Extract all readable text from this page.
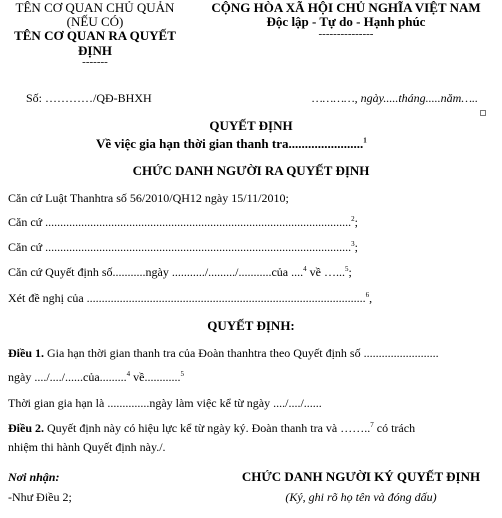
TÊN CƠ QUAN CHỦ QUẢN
(NẾU CÓ)
TÊN CƠ QUAN RA QUYẾT
ĐỊNH
-------
CỘNG HÒA XÃ HỘI CHỦ NGHĨA VIỆT NAM
Độc lập - Tự do - Hạnh phúc
---------------
Số: …………/QĐ-BHXH	…………, ngày.....tháng.....năm…..
QUYẾT ĐỊNH
Về việc gia hạn thời gian thanh tra.......................$^1$
CHỨC DANH NGƯỜI RA QUYẾT ĐỊNH
Căn cứ Luật Thanhtra số 56/2010/QH12 ngày 15/11/2010;
Căn cứ ......................................................................................................$^2$;
Căn cứ ......................................................................................................$^3$;
Căn cứ Quyết định số...........ngày .........../........./...........của ....$^4$ về …...$^5$;
Xét đề nghị của .............................................................................................$^6$,
QUYẾT ĐỊNH:
Điều 1. Gia hạn thời gian thanh tra của Đoàn thanhtra theo Quyết định số .........................
ngày ..../..../......của.........$^4$ về............$^5$
Thời gian gia hạn là ..............ngày làm việc kể từ ngày ..../..../......
Điều 2. Quyết định này có hiệu lực kể từ ngày ký. Đoàn thanh tra và ……..$^7$ có trách
nhiệm thi hành Quyết định này./.
Nơi nhận:
-Như Điều 2;
CHỨC DANH NGƯỜI KÝ QUYẾT ĐỊNH
(Ký, ghi rõ họ tên và đóng dấu)
